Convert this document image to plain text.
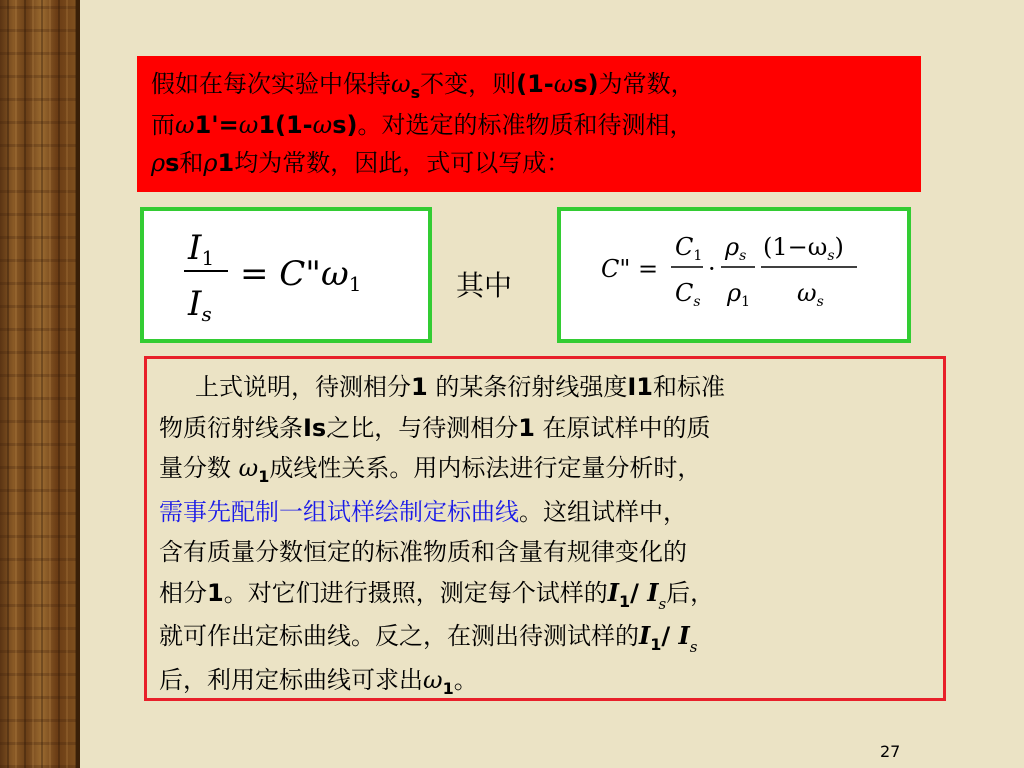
假如在每次实验中保持$\omega_s$不变，则(1-ωs)为常数，

而ω1'=ω1(1-ωs)。对选定的标准物质和待测相，

ρs和ρ1均为常数，因此，式可以写成：

I1
Is
= C"ω1	其中	C" =
$C_1$
$C_s$
·
$\rho_s$
$\rho_1$
$(1-\omega_s)$
$\omega_s$

  上式说明，待测相分1 的某条衍射线强度I1和标准

物质衍射线条Is之比，与待测相分1 在原试样中的质

量分数 $\omega_1$成线性关系。用内标法进行定量分析时，

需事先配制一组试样绘制定标曲线。这组试样中，

含有质量分数恒定的标准物质和含量有规律变化的

相分1。对它们进行摄照，测定每个试样的$I_1/$ $I_s$后，

就可作出定标曲线。反之，在测出待测试样的$I_1/$ $I_s$

后，利用定标曲线可求出$\omega_1$。

27
